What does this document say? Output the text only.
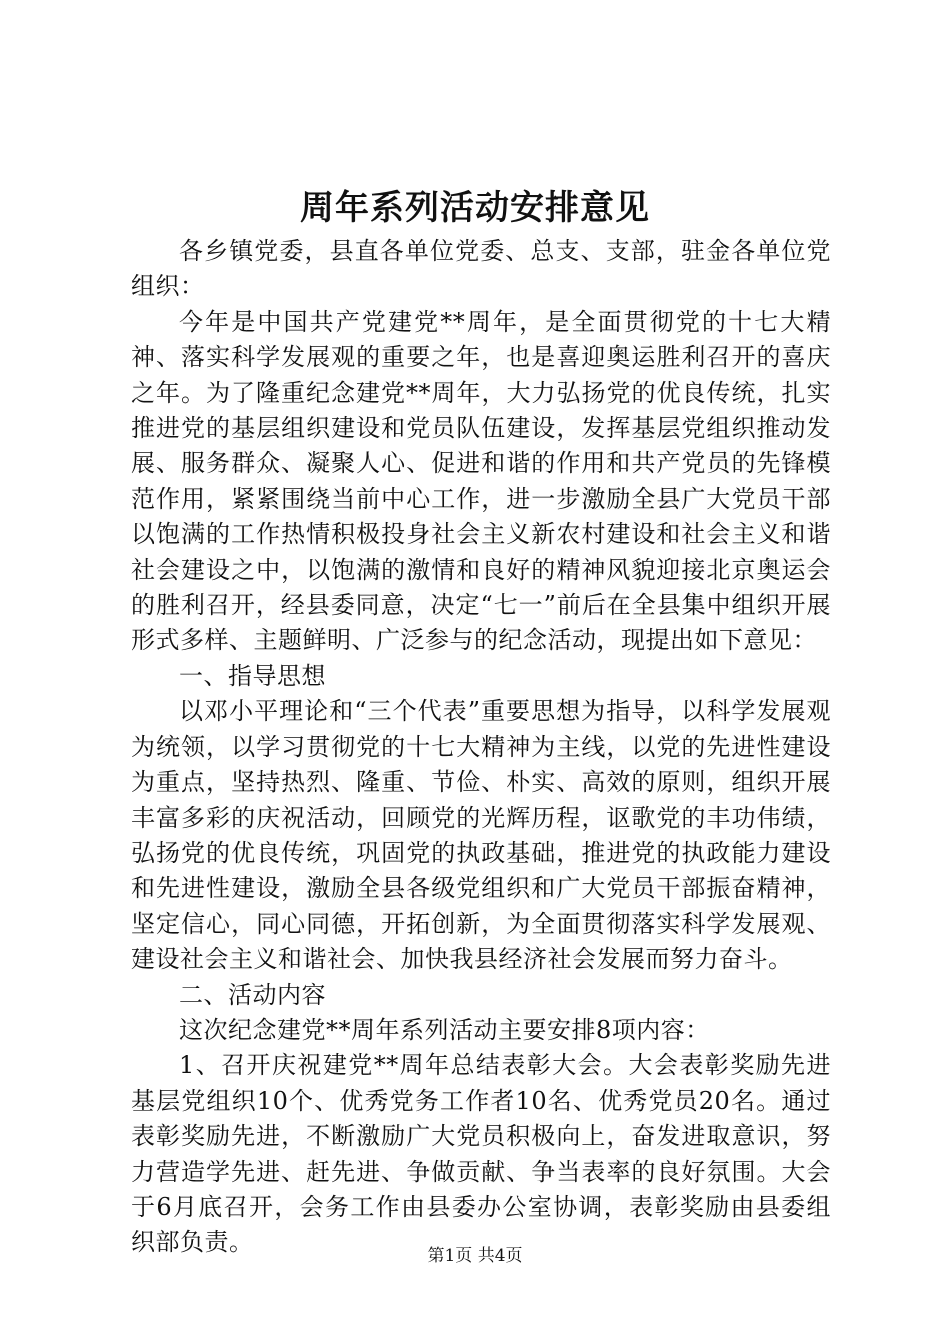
周年系列活动安排意见

各乡镇党委，县直各单位党委、总支、支部，驻金各单位党组织：

今年是中国共产党建党**周年，是全面贯彻党的十七大精神、落实科学发展观的重要之年，也是喜迎奥运胜利召开的喜庆之年。为了隆重纪念建党**周年，大力弘扬党的优良传统，扎实推进党的基层组织建设和党员队伍建设，发挥基层党组织推动发展、服务群众、凝聚人心、促进和谐的作用和共产党员的先锋模范作用，紧紧围绕当前中心工作，进一步激励全县广大党员干部以饱满的工作热情积极投身社会主义新农村建设和社会主义和谐社会建设之中，以饱满的激情和良好的精神风貌迎接北京奥运会的胜利召开，经县委同意，决定“七一”前后在全县集中组织开展形式多样、主题鲜明、广泛参与的纪念活动，现提出如下意见：

一、指导思想

以邓小平理论和“三个代表”重要思想为指导，以科学发展观为统领，以学习贯彻党的十七大精神为主线，以党的先进性建设为重点，坚持热烈、隆重、节俭、朴实、高效的原则，组织开展丰富多彩的庆祝活动，回顾党的光辉历程，讴歌党的丰功伟绩，弘扬党的优良传统，巩固党的执政基础，推进党的执政能力建设和先进性建设，激励全县各级党组织和广大党员干部振奋精神，坚定信心，同心同德，开拓创新，为全面贯彻落实科学发展观、建设社会主义和谐社会、加快我县经济社会发展而努力奋斗。

二、活动内容

这次纪念建党**周年系列活动主要安排8项内容：

1、召开庆祝建党**周年总结表彰大会。大会表彰奖励先进基层党组织10个、优秀党务工作者10名、优秀党员20名。通过表彰奖励先进，不断激励广大党员积极向上，奋发进取意识，努力营造学先进、赶先进、争做贡献、争当表率的良好氛围。大会于6月底召开，会务工作由县委办公室协调，表彰奖励由县委组织部负责。	第1页 共4页
